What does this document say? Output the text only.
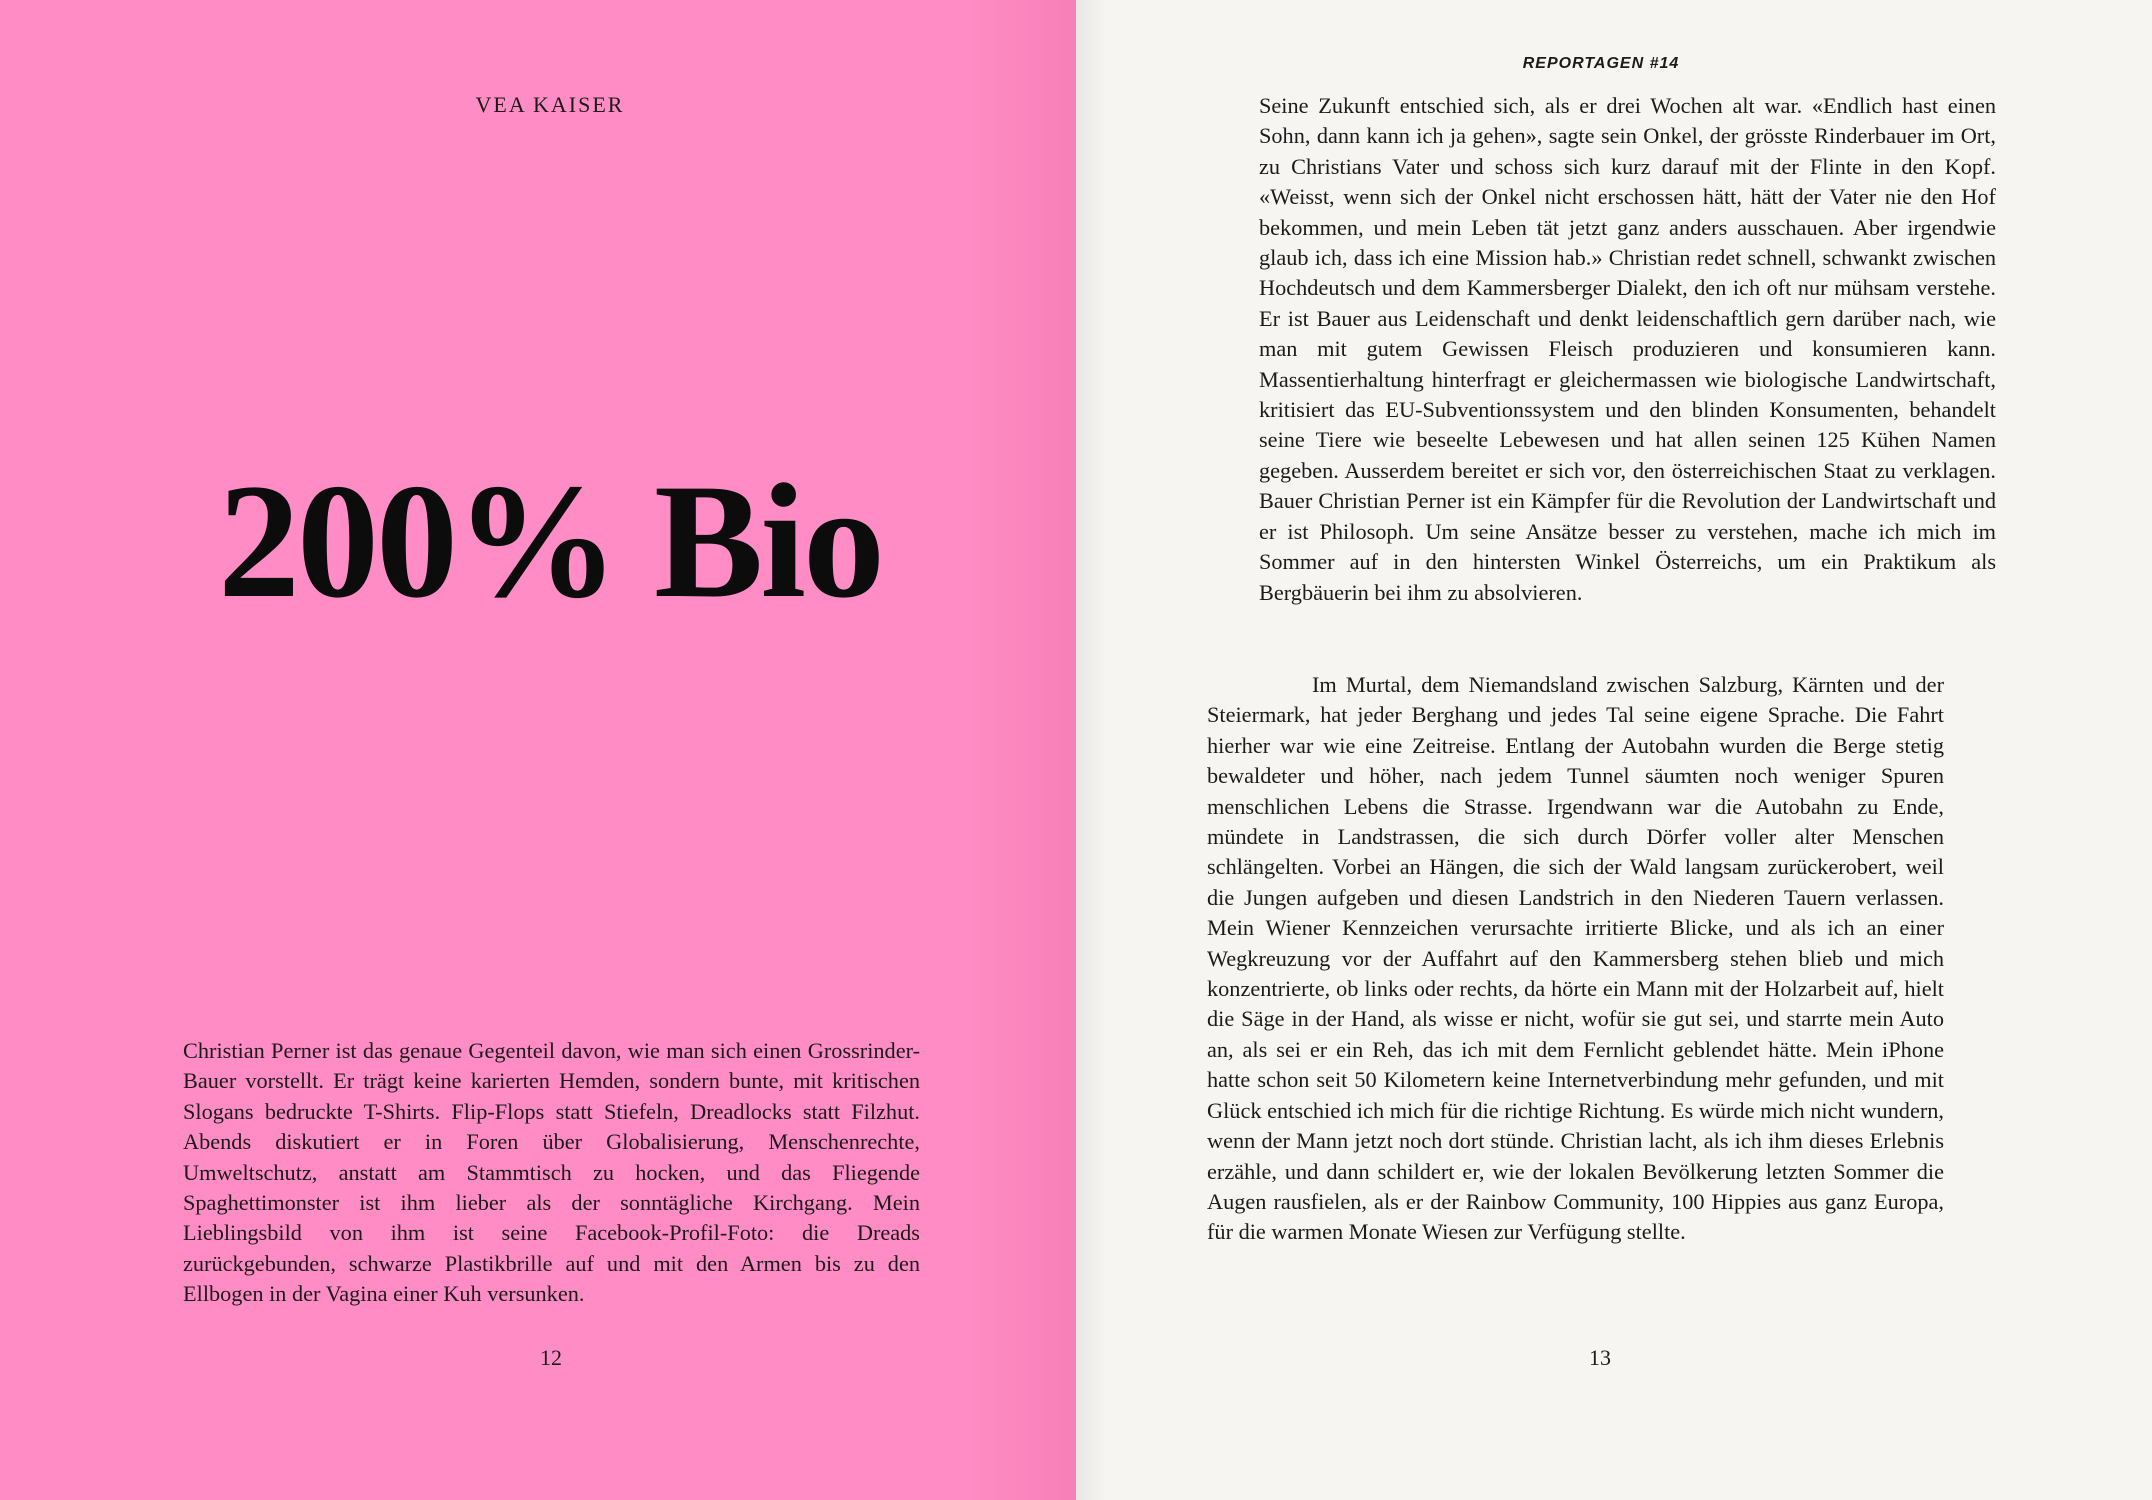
VEA KAISER
200% Bio

Christian Perner ist das genaue Gegenteil davon, wie man sich einen Grossrinder-Bauer vorstellt. Er trägt keine karierten Hemden, sondern bunte, mit kritischen Slogans bedruckte T-Shirts. Flip-Flops statt Stiefeln, Dreadlocks statt Filzhut. Abends diskutiert er in Foren über Globalisierung, Menschenrechte, Umweltschutz, anstatt am Stammtisch zu hocken, und das Fliegende Spaghettimonster ist ihm lieber als der sonntägliche Kirchgang. Mein Lieblingsbild von ihm ist seine Facebook-Profil-Foto: die Dreads zurückgebunden, schwarze Plastikbrille auf und mit den Armen bis zu den Ellbogen in der Vagina einer Kuh versunken.

12
REPORTAGEN #14

Seine Zukunft entschied sich, als er drei Wochen alt war. «Endlich hast einen Sohn, dann kann ich ja gehen», sagte sein Onkel, der grösste Rinderbauer im Ort, zu Christians Vater und schoss sich kurz darauf mit der Flinte in den Kopf. «Weisst, wenn sich der Onkel nicht erschossen hätt, hätt der Vater nie den Hof bekommen, und mein Leben tät jetzt ganz anders ausschauen. Aber irgendwie glaub ich, dass ich eine Mission hab.» Christian redet schnell, schwankt zwischen Hochdeutsch und dem Kammersberger Dialekt, den ich oft nur mühsam verstehe. Er ist Bauer aus Leidenschaft und denkt leidenschaftlich gern darüber nach, wie man mit gutem Gewissen Fleisch produzieren und konsumieren kann. Massentierhaltung hinterfragt er gleichermassen wie biologische Landwirtschaft, kritisiert das EU-Subventionssystem und den blinden Konsumenten, behandelt seine Tiere wie beseelte Lebewesen und hat allen seinen 125 Kühen Namen gegeben. Ausserdem bereitet er sich vor, den österreichischen Staat zu verklagen. Bauer Christian Perner ist ein Kämpfer für die Revolution der Landwirtschaft und er ist Philosoph. Um seine Ansätze besser zu verstehen, mache ich mich im Sommer auf in den hintersten Winkel Österreichs, um ein Praktikum als Bergbäuerin bei ihm zu absolvieren.

Im Murtal, dem Niemandsland zwischen Salzburg, Kärnten und der Steiermark, hat jeder Berghang und jedes Tal seine eigene Sprache. Die Fahrt hierher war wie eine Zeitreise. Entlang der Autobahn wurden die Berge stetig bewaldeter und höher, nach jedem Tunnel säumten noch weniger Spuren menschlichen Lebens die Strasse. Irgendwann war die Autobahn zu Ende, mündete in Landstrassen, die sich durch Dörfer voller alter Menschen schlängelten. Vorbei an Hängen, die sich der Wald langsam zurückerobert, weil die Jungen aufgeben und diesen Landstrich in den Niederen Tauern verlassen. Mein Wiener Kennzeichen verursachte irritierte Blicke, und als ich an einer Wegkreuzung vor der Auffahrt auf den Kammersberg stehen blieb und mich konzentrierte, ob links oder rechts, da hörte ein Mann mit der Holzarbeit auf, hielt die Säge in der Hand, als wisse er nicht, wofür sie gut sei, und starrte mein Auto an, als sei er ein Reh, das ich mit dem Fernlicht geblendet hätte. Mein iPhone hatte schon seit 50 Kilometern keine Internetverbindung mehr gefunden, und mit Glück entschied ich mich für die richtige Richtung. Es würde mich nicht wundern, wenn der Mann jetzt noch dort stünde. Christian lacht, als ich ihm dieses Erlebnis erzähle, und dann schildert er, wie der lokalen Bevölkerung letzten Sommer die Augen rausfielen, als er der Rainbow Community, 100 Hippies aus ganz Europa, für die warmen Monate Wiesen zur Verfügung stellte.

13
